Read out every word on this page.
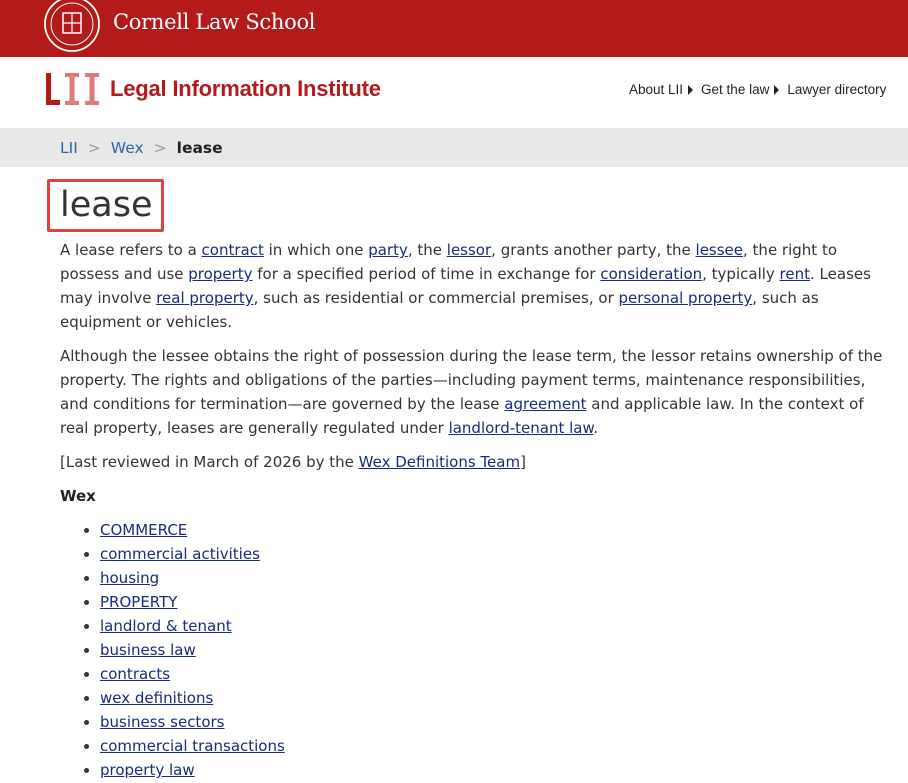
Cornell Law School
Legal Information Institute	About LII	Get the law	Lawyer directory
LII > Wex > lease
lease

A lease refers to a contract in which one party, the lessor, grants another party, the lessee, the right to possess and use property for a specified period of time in exchange for consideration, typically rent. Leases may involve real property, such as residential or commercial premises, or personal property, such as equipment or vehicles.

Although the lessee obtains the right of possession during the lease term, the lessor retains ownership of the property. The rights and obligations of the parties—including payment terms, maintenance responsibilities, and conditions for termination—are governed by the lease agreement and applicable law. In the context of real property, leases are generally regulated under landlord-tenant law.

[Last reviewed in March of 2026 by the Wex Definitions Team]

Wex

• COMMERCE
• commercial activities
• housing
• PROPERTY
• landlord & tenant
• business law
• contracts
• wex definitions
• business sectors
• commercial transactions
• property law
